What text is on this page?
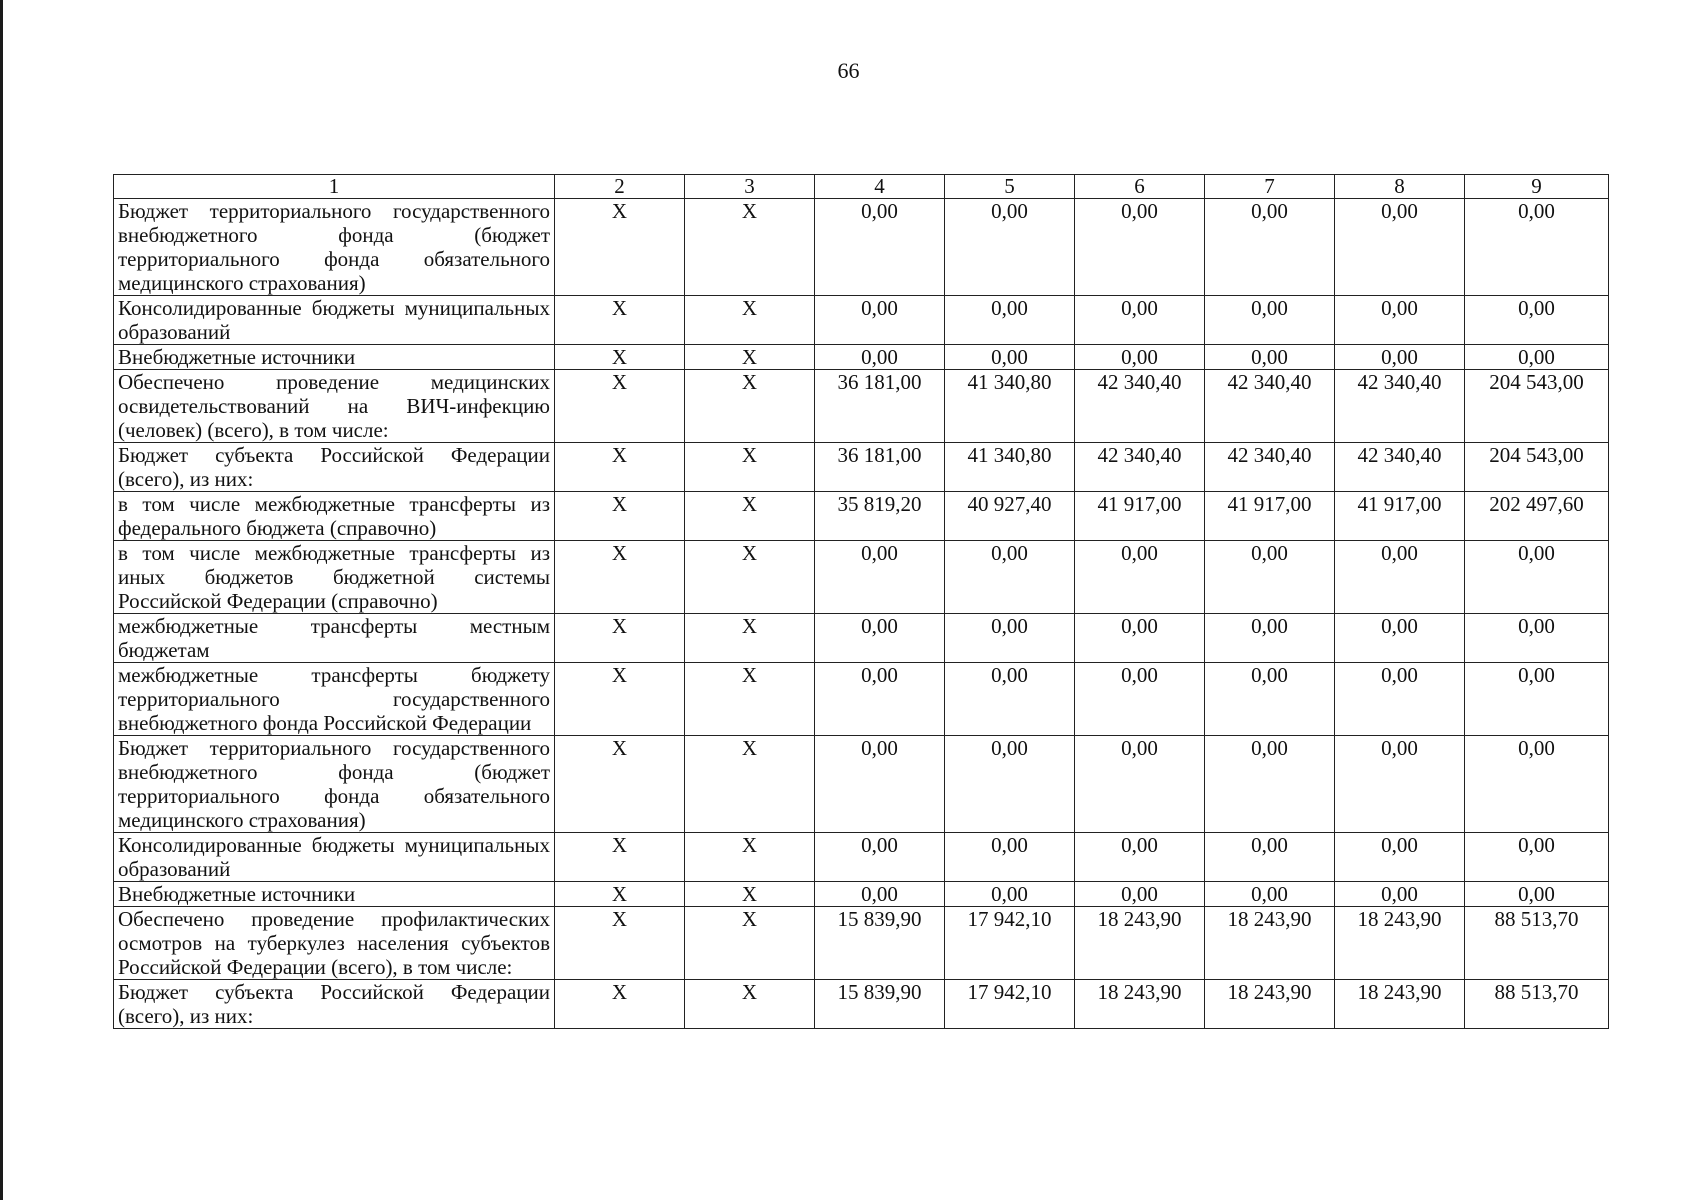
66
1	2	3	4	5	6	7	8	9
Бюджет территориального государственного внебюджетного фонда (бюджет территориального фонда обязательного медицинского страхования)	Х	Х	0,00	0,00	0,00	0,00	0,00	0,00
Консолидированные бюджеты муниципальных образований	Х	Х	0,00	0,00	0,00	0,00	0,00	0,00
Внебюджетные источники	Х	Х	0,00	0,00	0,00	0,00	0,00	0,00
Обеспечено проведение медицинских освидетельствований на ВИЧ-инфекцию (человек) (всего), в том числе:	Х	Х	36 181,00	41 340,80	42 340,40	42 340,40	42 340,40	204 543,00
Бюджет субъекта Российской Федерации (всего), из них:	Х	Х	36 181,00	41 340,80	42 340,40	42 340,40	42 340,40	204 543,00
в том числе межбюджетные трансферты из федерального бюджета (справочно)	Х	Х	35 819,20	40 927,40	41 917,00	41 917,00	41 917,00	202 497,60
в том числе межбюджетные трансферты из иных бюджетов бюджетной системы Российской Федерации (справочно)	Х	Х	0,00	0,00	0,00	0,00	0,00	0,00
межбюджетные трансферты местным бюджетам	Х	Х	0,00	0,00	0,00	0,00	0,00	0,00
межбюджетные трансферты бюджету территориального государственного внебюджетного фонда Российской Федерации	Х	Х	0,00	0,00	0,00	0,00	0,00	0,00
Бюджет территориального государственного внебюджетного фонда (бюджет территориального фонда обязательного медицинского страхования)	Х	Х	0,00	0,00	0,00	0,00	0,00	0,00
Консолидированные бюджеты муниципальных образований	Х	Х	0,00	0,00	0,00	0,00	0,00	0,00
Внебюджетные источники	Х	Х	0,00	0,00	0,00	0,00	0,00	0,00
Обеспечено проведение профилактических осмотров на туберкулез населения субъектов Российской Федерации (всего), в том числе:	Х	Х	15 839,90	17 942,10	18 243,90	18 243,90	18 243,90	88 513,70
Бюджет субъекта Российской Федерации (всего), из них:	Х	Х	15 839,90	17 942,10	18 243,90	18 243,90	18 243,90	88 513,70
